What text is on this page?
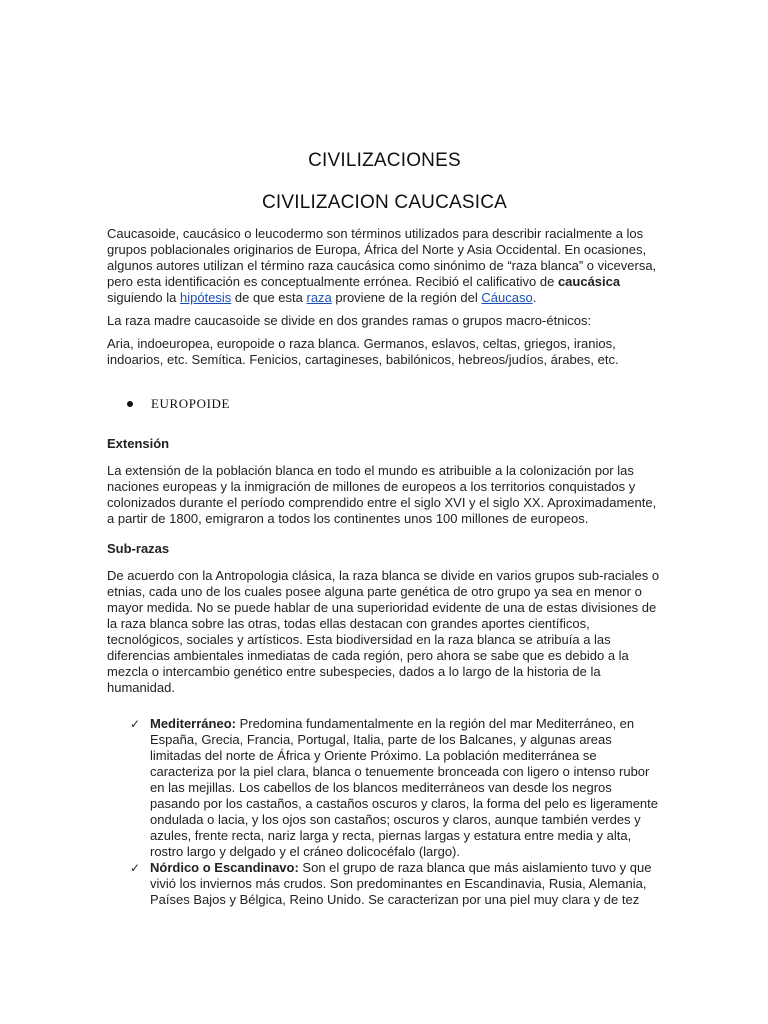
CIVILIZACIONES
CIVILIZACION CAUCASICA

Caucasoide, caucásico o leucodermo son términos utilizados para describir racialmente a los grupos poblacionales originarios de Europa, África del Norte y Asia Occidental. En ocasiones, algunos autores utilizan el término raza caucásica como sinónimo de “raza blanca” o viceversa, pero esta identificación es conceptualmente errónea. Recibió el calificativo de caucásica siguiendo la hipótesis de que esta raza proviene de la región del Cáucaso.

La raza madre caucasoide se divide en dos grandes ramas o grupos macro-étnicos:

Aria, indoeuropea, europoide o raza blanca. Germanos, eslavos, celtas, griegos, iranios, indoarios, etc. Semítica. Fenicios, cartagineses, babilónicos, hebreos/judíos, árabes, etc.

EUROPOIDE
Extensión

La extensión de la población blanca en todo el mundo es atribuible a la colonización por las naciones europeas y la inmigración de millones de europeos a los territorios conquistados y colonizados durante el período comprendido entre el siglo XVI y el siglo XX. Aproximadamente, a partir de 1800, emigraron a todos los continentes unos 100 millones de europeos.

Sub-razas

De acuerdo con la Antropologia clásica, la raza blanca se divide en varios grupos sub-raciales o etnias, cada uno de los cuales posee alguna parte genética de otro grupo ya sea en menor o mayor medida. No se puede hablar de una superioridad evidente de una de estas divisiones de la raza blanca sobre las otras, todas ellas destacan con grandes aportes científicos, tecnológicos, sociales y artísticos. Esta biodiversidad en la raza blanca se atribuía a las diferencias ambientales inmediatas de cada región, pero ahora se sabe que es debido a la mezcla o intercambio genético entre subespecies, dados a lo largo de la historia de la humanidad.

✓ Mediterráneo: Predomina fundamentalmente en la región del mar Mediterráneo, en España, Grecia, Francia, Portugal, Italia, parte de los Balcanes, y algunas areas limitadas del norte de África y Oriente Próximo. La población mediterránea se caracteriza por la piel clara, blanca o tenuemente bronceada con ligero o intenso rubor en las mejillas. Los cabellos de los blancos mediterráneos van desde los negros pasando por los castaños, a castaños oscuros y claros, la forma del pelo es ligeramente ondulada o lacia, y los ojos son castaños; oscuros y claros, aunque también verdes y azules, frente recta, nariz larga y recta, piernas largas y estatura entre media y alta, rostro largo y delgado y el cráneo dolicocéfalo (largo).
✓ Nórdico o Escandinavo: Son el grupo de raza blanca que más aislamiento tuvo y que vivió los inviernos más crudos. Son predominantes en Escandinavia, Rusia, Alemania, Países Bajos y Bélgica, Reino Unido. Se caracterizan por una piel muy clara y de tez
